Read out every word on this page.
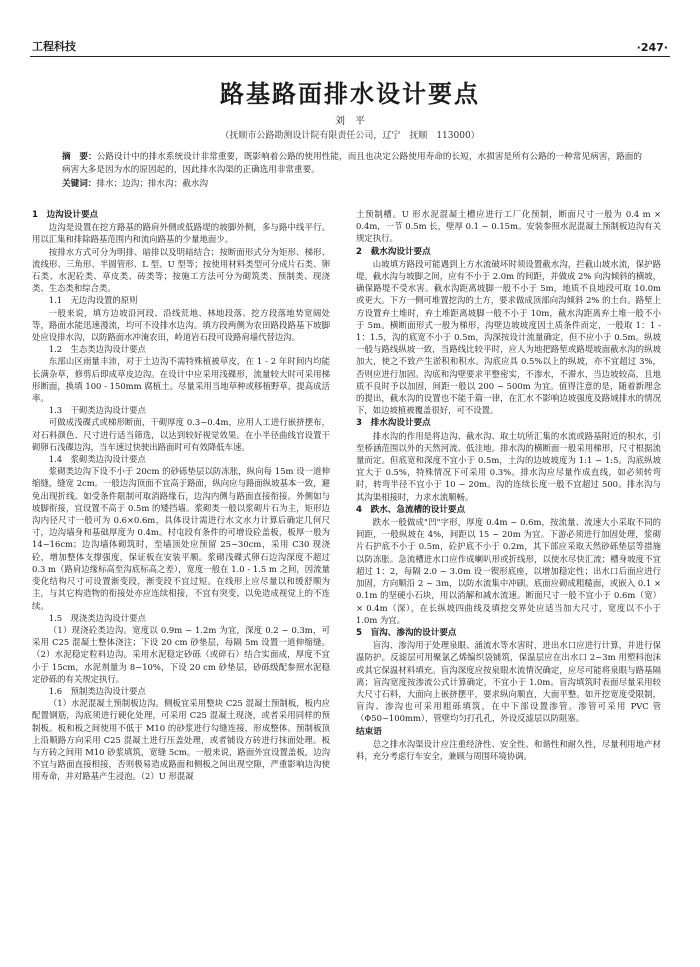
工程科技	·247·
路基路面排水设计要点
刘　平
（抚顺市公路勘测设计院有限责任公司，辽宁　抚顺　113000）
摘　要：公路设计中的排水系统设计非常重要，既影响着公路的使用性能，而且也决定公路使用寿命的长短，水损害是所有公路的一种常见病害，路面的病害大多是因为水的原因起的，因此排水沟渠的正确选用非常重要。
关键词：排水；边沟；排水沟；截水沟
1　边沟设计要点

边沟是设置在挖方路基的路肩外侧或低路堤的坡脚外侧，多与路中线平行。用以汇集和排除路基范围内和流向路基的少量地面少。

按排水方式可分为明排、暗排以及明暗结合；按断面形式分为矩形、梯形、流线形、三角形、半圆管形、L 型、U 型等；按使用材料类型可分成片石类、卵石类、水泥砼类、草皮类、砖类等；按施工方法可分为砌筑类、预制类、现浇类、生态类和综合类。

1.1　无边沟设置的原则

一般来说，填方边坡沿河段、沿线荒地、林地段落、挖方段落地势宽阔处等，路面水能迅速漫流，均可不设排水边沟。填方段两侧为农田路段路基下坡脚处应设排水沟，以防路面水冲淹农田，岭道岩石段可设路肩墙代替边沟。

1.2　生态类边沟设计要点

东部山区雨量丰沛，对于土边沟不需特殊植被草皮，在 1 - 2 年时间内均能长满杂草，修剪后即成草皮边沟。在设计中应采用浅碟形，流量较大时可采用梯形断面，换填 100 - 150mm 腐植土。尽量采用当地草种或移植野草，提高成活率。

1.3　干砌类边沟设计要点

可做成浅碟式或梯形断面，干砌厚度 0.3~0.4m，应用人工进行嵌挤摆布，对石料颜色、尺寸进行适当筛选，以达到较好视觉效果。在小半径曲线官设置干砌卵石浅碟边沟，当车速过快驶出路面时可有效降低车速。

1.4　浆砌类边沟设计要点

浆砌类边沟下设不小于 20cm 的砂砾垫层以防冻胀，纵向每 15m 设一道伸缩缝，缝宽 2cm。一般边沟顶面不宜高于路面，纵向应与路面纵坡基本一致，避免出现折线。如受条件限制可取消路缘石，边沟内侧与路面直接衔接。外侧如与坡脚衔接，宜设置不高于 0.5m 的矮挡墙。浆砌类一般以浆砌片石为主，矩形边沟内径尺寸一般可为 0.6×0.6m，具体设计需进行水文水力计算后确定几何尺寸，边沟墙身和基础厚度为 0.4m。村屯段有条件的可增设砼盖板，板厚一般为 14~16cm；边沟墙体砌筑时，至墙顶处应预留 25~30cm，采用 C30 现浇砼，增加整体支撑强度，保证板在安装平顺。浆砌浅碟式卵石边沟深度不超过 0.3 m（路肩边缘标高至沟底标高之差），宽度一般在 1.0 - 1.5 m 之间，因流量变化结构尺寸可设置渐变段，渐变段不宜过短。在线形上应尽量以和缓舒顺为主，与其它构造物的衔接处亦应连续相接，不宜有突变，以免造成视觉上的不连续。

1.5　现浇类边沟设计要点

（1）现浇砼类边沟。宽度以 0.9m ~ 1.2m 为宜，深度 0.2 ~ 0.3m，可采用 C25 混凝土整体浇注；下设 20 cm 砂垫层，每隔 5m 设置一道伸缩缝。（2）水泥稳定粒料边沟。采用水泥稳定砂砾（或碎石）结合实面成，厚度不宜小于 15cm，水泥剂量为 8~10%，下设 20 cm 砂垫层，砂砾级配参照水泥稳定砂砾的有关规定执行。

1.6　预制类边沟设计要点

（1）水泥混凝土预制板边沟。侧板宜采用整块 C25 混凝土预制板，板内应配置钢筋，沟底须进行硬化处理，可采用 C25 混凝土现浇，或者采用同样的预制板。板和板之间使用不低于 M10 的砂浆进行勾缝连接，形成整体。预制板顶上沿顺路方向采用 C25 混凝土进行压盖处理，或者铺设方砖进行抹面处理。板与方砖之间用 M10 砂浆填筑，宽缝 5cm。一般来说，路面外宜设置盖板，边沟不宜与路面直接相接，否则极易造成路面和侧板之间出现空隙，严重影响边沟使用寿命，并对路基产生浸泡。（2）U 形混凝

土预制槽。U 形水泥混凝土槽应进行工厂化预制，断面尺寸一般为 0.4 m × 0.4m，一节 0.5m 长，壁厚 0.1 ~ 0.15m。安装参照水泥混凝土预制板边沟有关规定执行。

2　截水沟设计要点

山坡填方路段可能遇到上方水流破坏时须设置截水沟，拦截山坡水流，保护路堤。截水沟与坡脚之间，应有不小于 2.0m 的间距，并做成 2% 向沟倾斜的横坡，确保路堤不受水害。截水沟距离坡脚一般不小于 5m，地质不良地段可取 10.0m 或更大。下方一侧可堆置挖沟的土方，要求做成顶部向沟倾斜 2% 的土台。路堑上方设置弃土堆时，弃土堆距离坡脚一般不小于 10m，截水沟距离弃土堆一般不小于 5m。横断面形式一般为梯形，沟壁边坡坡度因土质条件而定，一般取 1：1 - 1：1.5，沟的底宽不小于 0.5m，沟深按设计流量确定，但不应小于 0.5m。纵坡一般与路线纵坡一致，当路线比较平时，应人为地把路堑或路堤坡面截水沟的纵坡加大，使之不致产生淤积和积水。沟底应具 0.5%以上的纵坡，亦不宜超过 3%，否则应进行加固。沟底和沟壁要求平整密实，不渗水，不滞水，当边坡较高，且地质不良时予以加固，间距一般以 200 ~ 500m 为宜。值得注意的是，随着新理念的提出，截水沟的设置也不能千篇一律，在汇水不影响边坡强度及路域排水的情况下，如边坡植被覆盖很好，可不设置。

3　排水沟设计要点

排水沟的作用是将边沟、截水沟、取土坑所汇集的水流或路基附近的积水，引至桥涵范围以外的天然河流、低洼地。排水沟的横断面一般采用梯形，尺寸根据流量而定。但底宽和深度不宜小于 0.5m，土沟的边坡坡度为 1:1 ~ 1:5。沟底纵坡宜大于 0.5%，特殊情况下可采用 0.3%。排水沟应尽量作成直线，如必须转弯时，转弯半径不宜小于 10 ~ 20m。沟的连续长度一般不宜超过 500。排水沟与其沟渠相接时，力求水流顺畅。

4　跌水、急流槽的设计要点

跌水一般做成"凹"字形，厚度 0.4m ~ 0.6m，按流量、流速大小采取不同的间距，一般纵坡在 4%，间距以 15 ~ 20m 为宜。下游必须进行加固处理，浆砌片石护底不小于 0.5m，砼护底不小于 0.2m，其下部应采取天然砂砾垫层等措施以防冻胀。急流槽进水口应作成喇叭形或折线形，以使水尽快汇流；槽身坡度不宜超过 1：2，每隔 2.0 ~ 3.0m 设一锲形底座，以增加稳定性；出水口后面应进行加固，方向顺沿 2 ~ 3m，以防水流集中冲刷。底面应砌成粗糙面，或嵌入 0.1 × 0.1m 的坚硬小石块，用以消解和减水流速。断面尺寸一般不宜小于 0.6m（宽）× 0.4m（深），在长纵坡四曲线及填挖交界处应适当加大尺寸，宽度以不小于 1.0m 为宜。

5　盲沟、渗沟的设计要点

盲沟、渗沟用于处理泉眼、涌流水等水害时，进出水口应进行计算，并进行保温防护。反滤层可用聚氯乙烯编织袋铺筑，保温层应在出水口 2~3m 用塑料泡沫或其它保温材料填充。盲沟深度应按泉眼水流情况确定，应尽可能将泉眼与路基隔离；盲沟宽度按渗流公式计算确定，不宜小于 1.0m。盲沟填筑时表面尽量采用较大尺寸石料，大面向上嵌挤摆平，要求纵向顺直，大面平整。如开挖宽度受限制，盲沟、渗沟也可采用粗砾填筑，在中下部设置渗管。渗管可采用 PVC 管（Φ50~100mm），管壁均匀打孔孔，外设反滤层以防阻塞。

结束语

总之排水沟渠设计应注重经济性、安全性、和谐性和耐久性，尽量利用地产材料，充分考虑行车安全，兼顾与周围环境协调。
